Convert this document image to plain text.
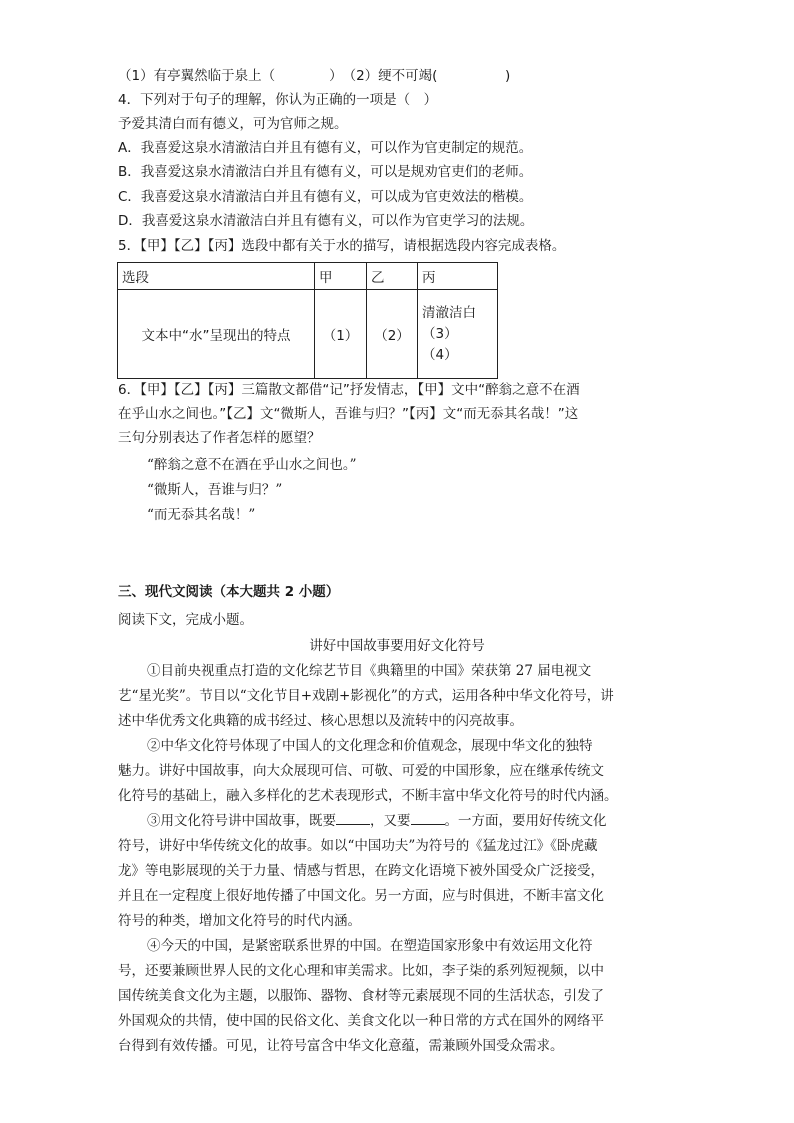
（1）有亭翼然临于泉上（　　　　）　（2）绠不可竭(　　　　　)
4．下列对于句子的理解，你认为正确的一项是（　）
予爱其清白而有德义，可为官师之规。
A．我喜爱这泉水清澈洁白并且有德有义，可以作为官吏制定的规范。
B．我喜爱这泉水清澈洁白并且有德有义，可以是规劝官吏们的老师。
C．我喜爱这泉水清澈洁白并且有德有义，可以成为官吏效法的楷模。
D．我喜爱这泉水清澈洁白并且有德有义，可以作为官吏学习的法规。
5．【甲】【乙】【丙】选段中都有关于水的描写，请根据选段内容完成表格。
选段	甲	乙	丙
文本中“水”呈现出的特点	（1）	（2）	清澈洁白
（3）
（4）
6．【甲】【乙】【丙】三篇散文都借“记”抒发情志，【甲】文中“醉翁之意不在酒
在乎山水之间也。”【乙】文“微斯人，吾谁与归？”【丙】文“而无忝其名哉！”这
三句分别表达了作者怎样的愿望？
“醉翁之意不在酒在乎山水之间也。”
“微斯人，吾谁与归？”
“而无忝其名哉！”
三、现代文阅读（本大题共 2 小题）
阅读下文，完成小题。
讲好中国故事要用好文化符号
①目前央视重点打造的文化综艺节目《典籍里的中国》荣获第 27 届电视文
艺“星光奖”。节目以“文化节目+戏剧+影视化”的方式，运用各种中华文化符号，讲
述中华优秀文化典籍的成书经过、核心思想以及流转中的闪亮故事。
②中华文化符号体现了中国人的文化理念和价值观念，展现中华文化的独特
魅力。讲好中国故事，向大众展现可信、可敬、可爱的中国形象，应在继承传统文
化符号的基础上，融入多样化的艺术表现形式，不断丰富中华文化符号的时代内涵。
③用文化符号讲中国故事，既要	，又要	。一方面，要用好传统文化
符号，讲好中华传统文化的故事。如以“中国功夫”为符号的《猛龙过江》《卧虎藏
龙》等电影展现的关于力量、情感与哲思，在跨文化语境下被外国受众广泛接受，
并且在一定程度上很好地传播了中国文化。另一方面，应与时俱进，不断丰富文化
符号的种类，增加文化符号的时代内涵。
④今天的中国，是紧密联系世界的中国。在塑造国家形象中有效运用文化符
号，还要兼顾世界人民的文化心理和审美需求。比如，李子柒的系列短视频，以中
国传统美食文化为主题，以服饰、器物、食材等元素展现不同的生活状态，引发了
外国观众的共情，使中国的民俗文化、美食文化以一种日常的方式在国外的网络平
台得到有效传播。可见，让符号富含中华文化意蕴，需兼顾外国受众需求。
